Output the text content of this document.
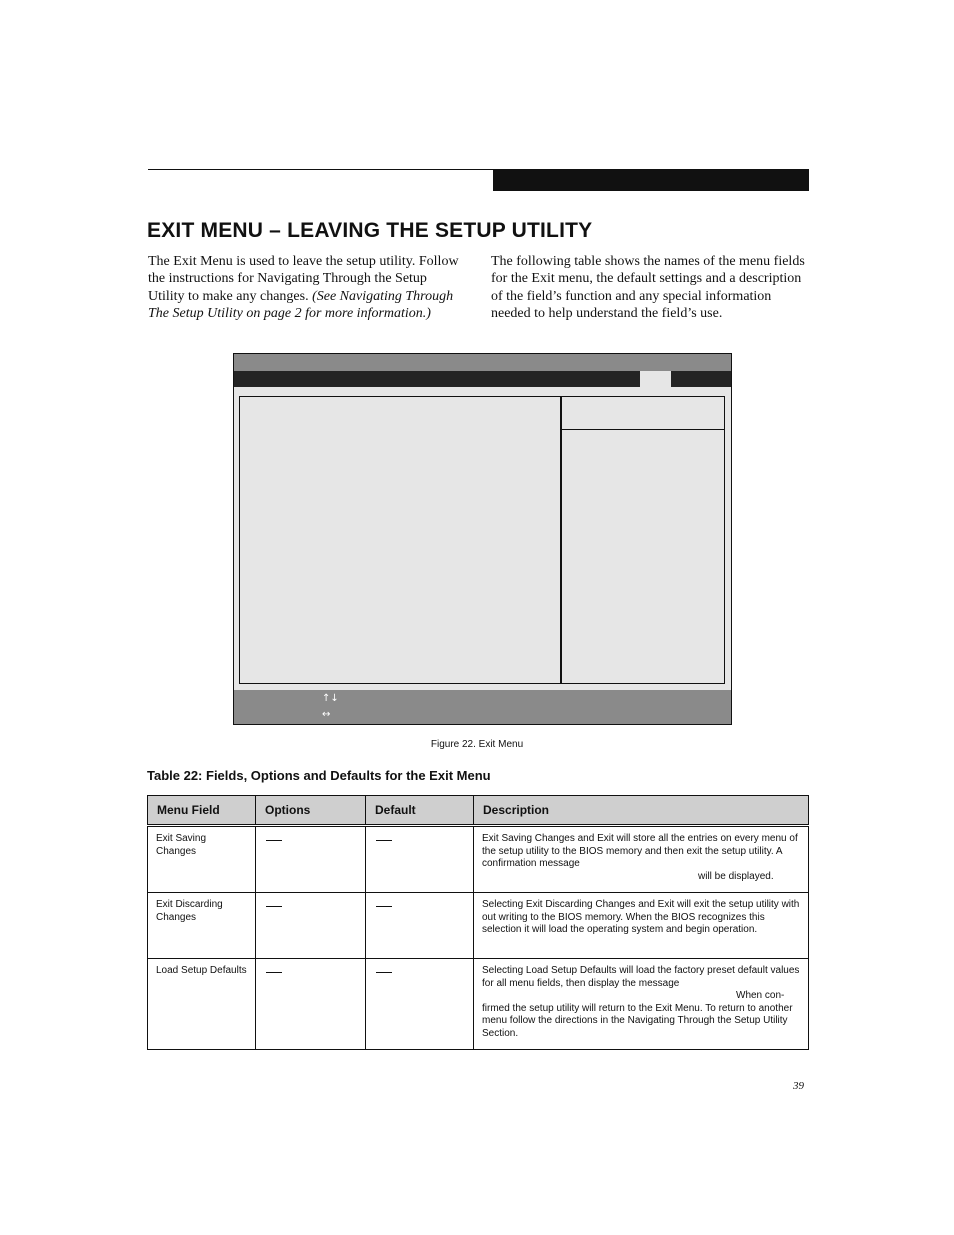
EXIT MENU – LEAVING THE SETUP UTILITY
The Exit Menu is used to leave the setup utility. Follow the instructions for Navigating Through the Setup Utility to make any changes. (See Navigating Through The Setup Utility on page 2 for more information.)
The following table shows the names of the menu fields for the Exit menu, the default settings and a description of the field’s function and any special information needed to help understand the field’s use.
↑↓
↔
Figure 22. Exit Menu
Table 22: Fields, Options and Defaults for the Exit Menu
Menu Field	Options	Default	Description

Exit Saving Changes			Exit Saving Changes and Exit will store all the entries on every menu of the setup utility to the BIOS memory and then exit the setup utility. A confirmation message
will be displayed.

Exit Discarding Changes			Selecting Exit Discarding Changes and Exit will exit the setup utility with out writing to the BIOS memory. When the BIOS recognizes this selection it will load the operating system and begin operation.
Load Setup Defaults			Selecting Load Setup Defaults will load the factory preset default values for all menu fields, then display the message
When con-
firmed the setup utility will return to the Exit Menu. To return to another menu follow the directions in the Navigating Through the Setup Utility Section.
39
